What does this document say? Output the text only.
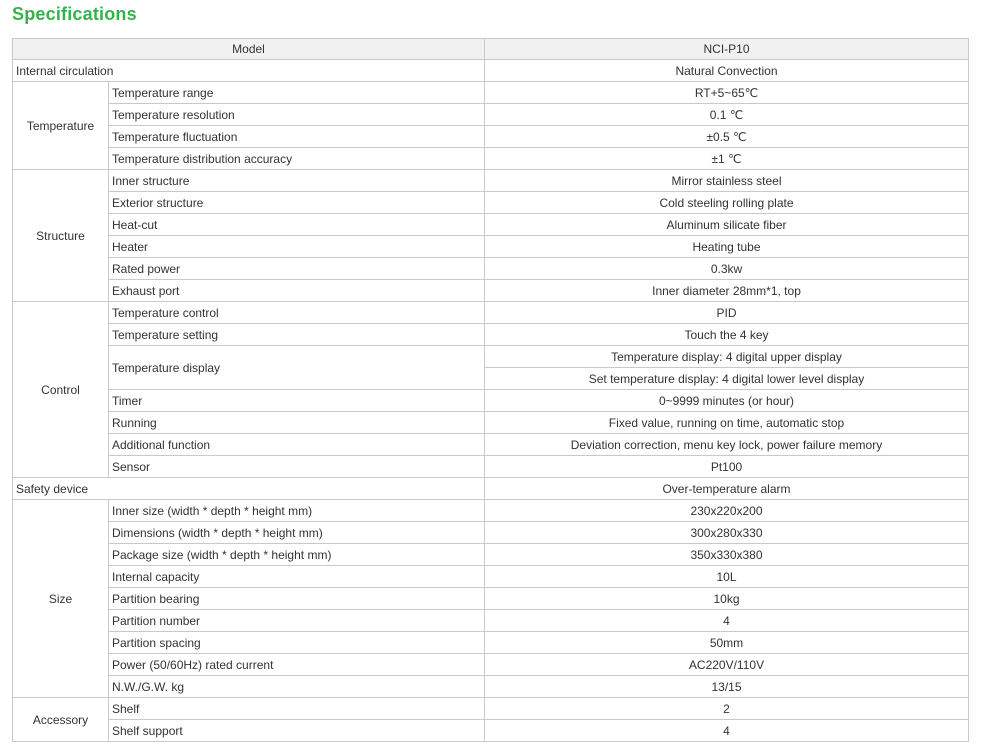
Specifications
Model		NCI-P10
Internal circulation		Natural Convection
Temperature	Temperature range	RT+5~65℃
	Temperature resolution	0.1 ℃
	Temperature fluctuation	±0.5 ℃
	Temperature distribution accuracy	±1 ℃
Structure	Inner structure	Mirror stainless steel
	Exterior structure	Cold steeling rolling plate
	Heat-cut	Aluminum silicate fiber
	Heater	Heating tube
	Rated power	0.3kw
	Exhaust port	Inner diameter 28mm*1, top
Control	Temperature control	PID
	Temperature setting	Touch the 4 key
	Temperature display	Temperature display: 4 digital upper display
		Set temperature display: 4 digital lower level display
	Timer	0~9999 minutes (or hour)
	Running	Fixed value, running on time, automatic stop
	Additional function	Deviation correction, menu key lock, power failure memory
	Sensor	Pt100
Safety device		Over-temperature alarm
Size	Inner size (width * depth * height mm)	230x220x200
	Dimensions (width * depth * height mm)	300x280x330
	Package size (width * depth * height mm)	350x330x380
	Internal capacity	10L
	Partition bearing	10kg
	Partition number	4
	Partition spacing	50mm
	Power (50/60Hz) rated current	AC220V/110V
	N.W./G.W. kg	13/15
Accessory	Shelf	2
	Shelf support	4
